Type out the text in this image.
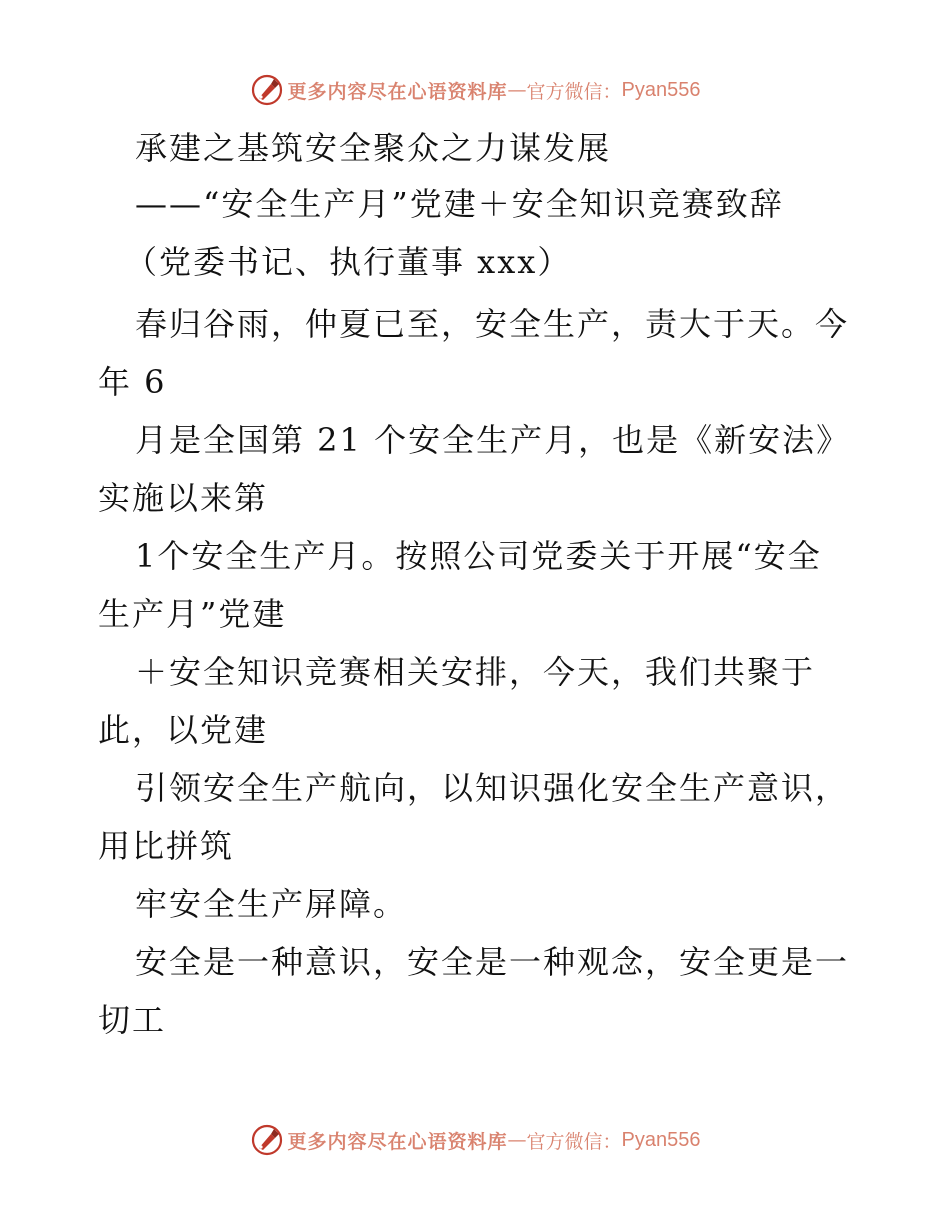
更多内容尽在心语资料库 — 官方微信： Pyan556
承建之基筑安全聚众之力谋发展
——“安全生产月”党建＋安全知识竞赛致辞
（党委书记、执行董事 xxx）
春归谷雨，仲夏已至，安全生产，责大于天。今
年 6
月是全国第 21 个安全生产月，也是《新安法》
实施以来第
1个安全生产月。按照公司党委关于开展“安全
生产月”党建
＋安全知识竞赛相关安排，今天，我们共聚于
此，以党建
引领安全生产航向，以知识强化安全生产意识，
用比拼筑
牢安全生产屏障。
安全是一种意识，安全是一种观念，安全更是一
切工
更多内容尽在心语资料库 — 官方微信： Pyan556
